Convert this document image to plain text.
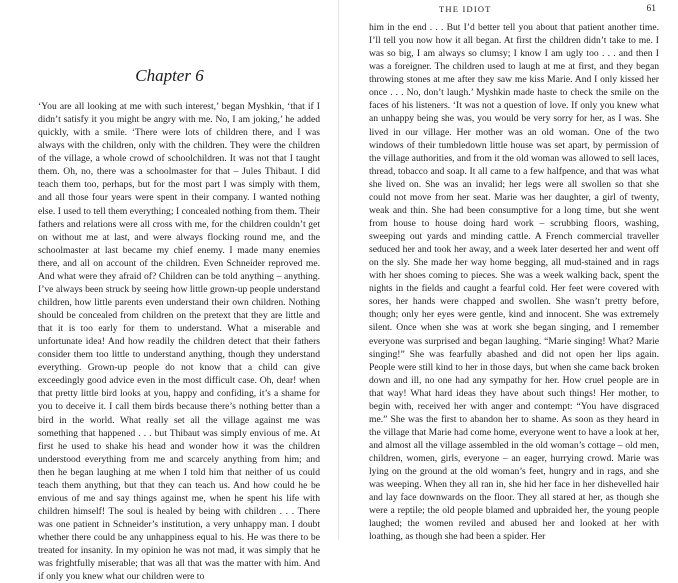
Chapter 6

‘You are all looking at me with such interest,’ began Myshkin, ‘that if I didn’t satisfy it you might be angry with me. No, I am joking,’ he added quickly, with a smile. ‘There were lots of children there, and I was always with the children, only with the children. They were the children of the village, a whole crowd of schoolchildren. It was not that I taught them. Oh, no, there was a schoolmaster for that – Jules Thibaut. I did teach them too, perhaps, but for the most part I was simply with them, and all those four years were spent in their company. I wanted nothing else. I used to tell them everything; I concealed nothing from them. Their fathers and relations were all cross with me, for the children couldn’t get on without me at last, and were always flocking round me, and the schoolmaster at last became my chief enemy. I made many enemies there, and all on account of the children. Even Schneider reproved me. And what were they afraid of? Children can be told anything – anything. I’ve always been struck by seeing how little grown-up people understand children, how little parents even understand their own children. Nothing should be concealed from children on the pretext that they are little and that it is too early for them to understand. What a miserable and unfortunate idea! And how readily the children detect that their fathers consider them too little to understand anything, though they understand everything. Grown-up people do not know that a child can give exceedingly good advice even in the most difficult case. Oh, dear! when that pretty little bird looks at you, happy and confiding, it’s a shame for you to deceive it. I call them birds because there’s nothing better than a bird in the world. What really set all the village against me was something that happened . . . but Thibaut was simply envious of me. At first he used to shake his head and wonder how it was the children understood everything from me and scarcely anything from him; and then he began laughing at me when I told him that neither of us could teach them anything, but that they can teach us. And how could he be envious of me and say things against me, when he spent his life with children himself! The soul is healed by being with children . . . There was one patient in Schneider’s institution, a very unhappy man. I doubt whether there could be any unhappiness equal to his. He was there to be treated for insanity. In my opinion he was not mad, it was simply that he was frightfully miserable; that was all that was the matter with him. And if only you knew what our children were to

THE IDIOT	61

him in the end . . . But I’d better tell you about that patient another time. I’ll tell you now how it all began. At first the children didn’t take to me. I was so big, I am always so clumsy; I know I am ugly too . . . and then I was a foreigner. The children used to laugh at me at first, and they began throwing stones at me after they saw me kiss Marie. And I only kissed her once . . . No, don’t laugh.’ Myshkin made haste to check the smile on the faces of his listeners. ‘It was not a question of love. If only you knew what an unhappy being she was, you would be very sorry for her, as I was. She lived in our village. Her mother was an old woman. One of the two windows of their tumbledown little house was set apart, by permission of the village authorities, and from it the old woman was allowed to sell laces, thread, tobacco and soap. It all came to a few halfpence, and that was what she lived on. She was an invalid; her legs were all swollen so that she could not move from her seat. Marie was her daughter, a girl of twenty, weak and thin. She had been consumptive for a long time, but she went from house to house doing hard work – scrubbing floors, washing, sweeping out yards and minding cattle. A French commercial traveller seduced her and took her away, and a week later deserted her and went off on the sly. She made her way home begging, all mud-stained and in rags with her shoes coming to pieces. She was a week walking back, spent the nights in the fields and caught a fearful cold. Her feet were covered with sores, her hands were chapped and swollen. She wasn’t pretty before, though; only her eyes were gentle, kind and innocent. She was extremely silent. Once when she was at work she began singing, and I remember everyone was surprised and began laughing. “Marie singing! What? Marie singing!” She was fearfully abashed and did not open her lips again. People were still kind to her in those days, but when she came back broken down and ill, no one had any sympathy for her. How cruel people are in that way! What hard ideas they have about such things! Her mother, to begin with, received her with anger and contempt: “You have disgraced me.” She was the first to abandon her to shame. As soon as they heard in the village that Marie had come home, everyone went to have a look at her, and almost all the village assembled in the old woman’s cottage – old men, children, women, girls, everyone – an eager, hurrying crowd. Marie was lying on the ground at the old woman’s feet, hungry and in rags, and she was weeping. When they all ran in, she hid her face in her dishevelled hair and lay face downwards on the floor. They all stared at her, as though she were a reptile; the old people blamed and upbraided her, the young people laughed; the women reviled and abused her and looked at her with loathing, as though she had been a spider. Her
